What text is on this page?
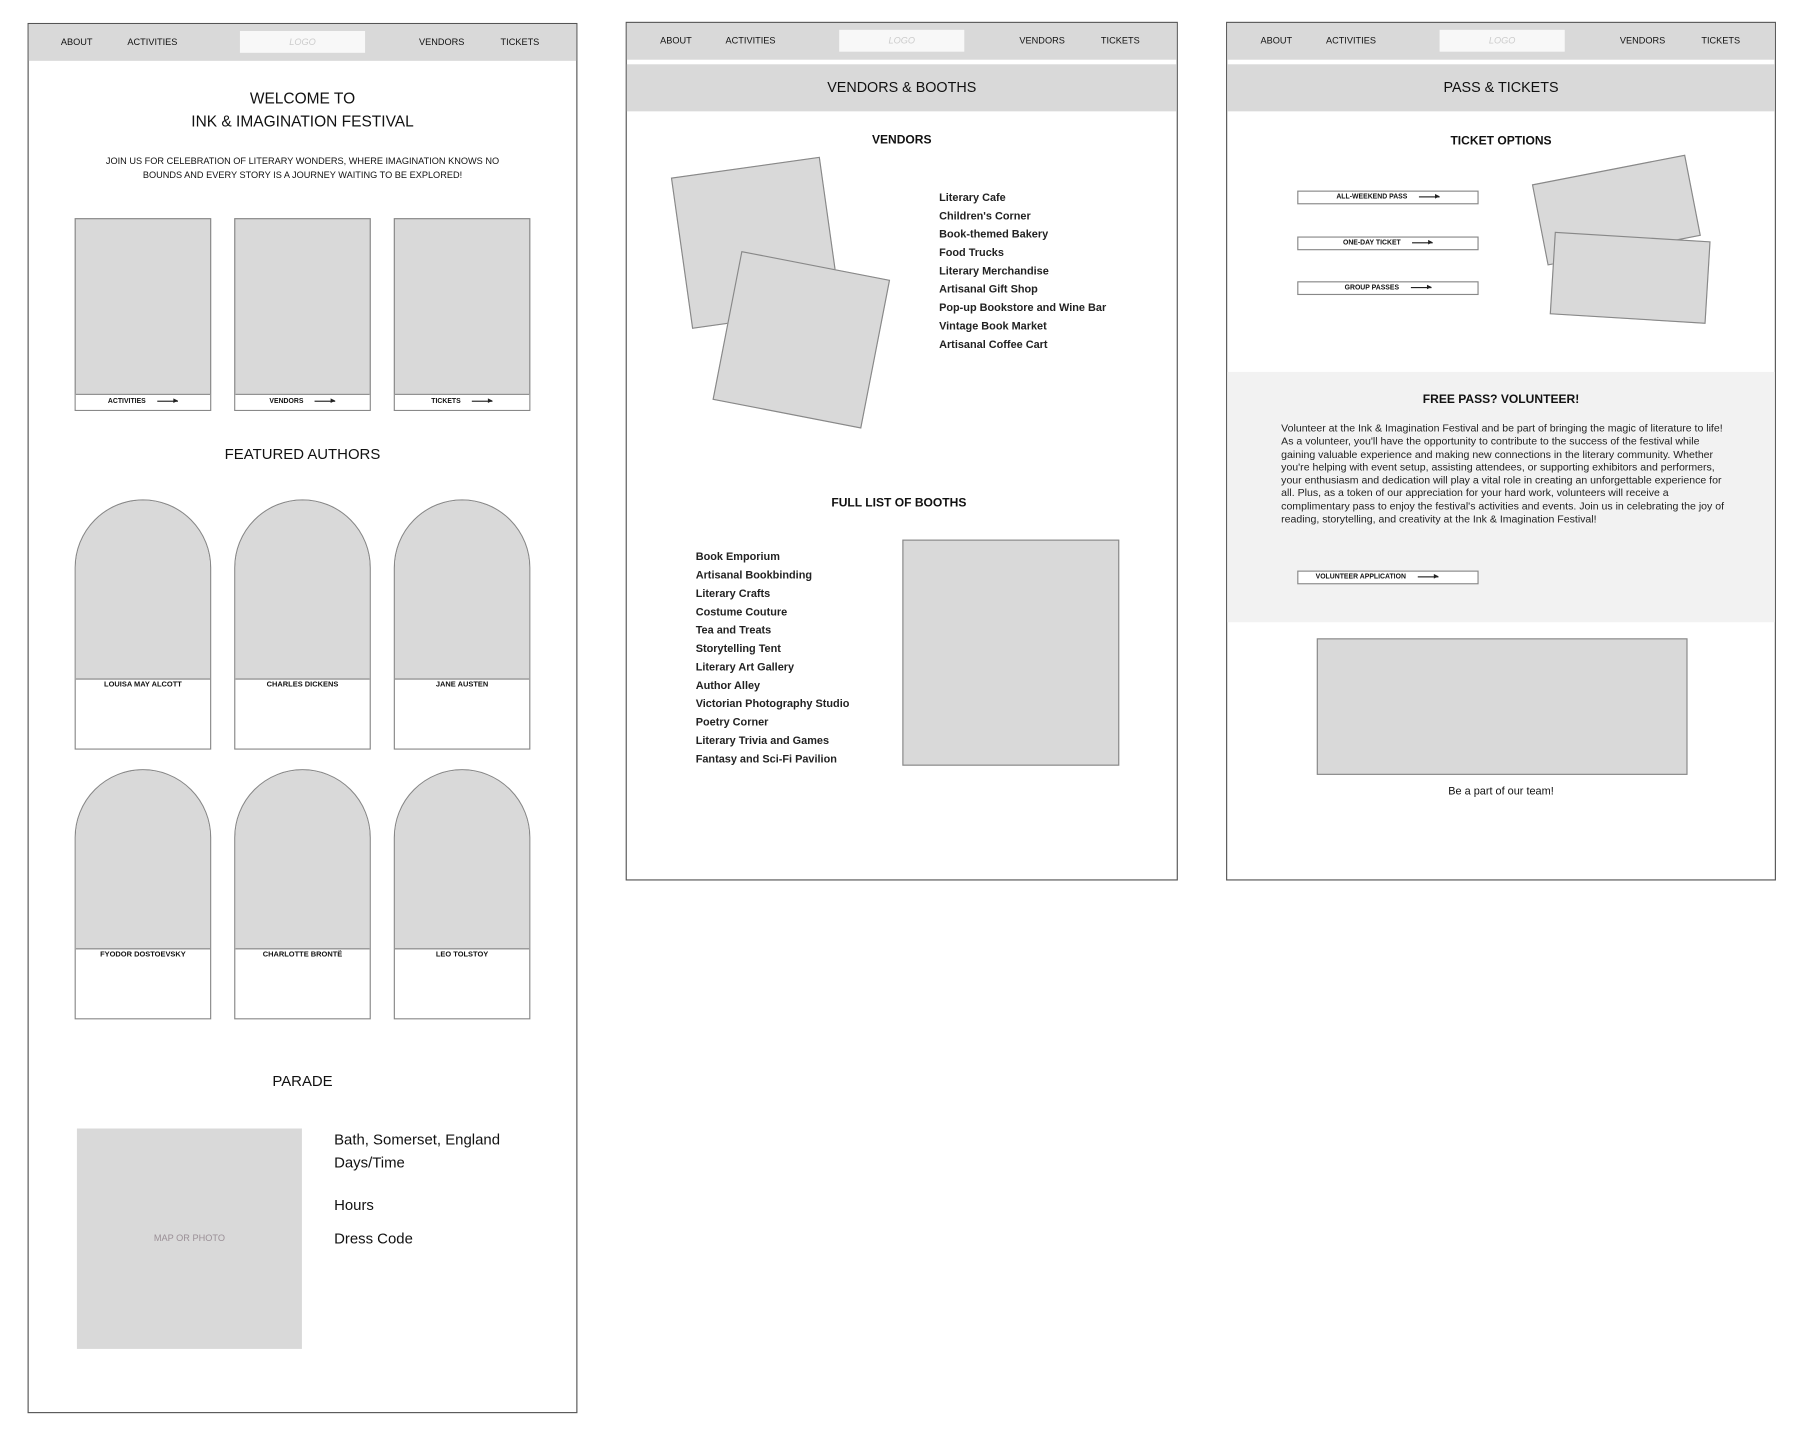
ABOUT	ACTIVITIES	LOGO	VENDORS	TICKETS
WELCOME TO
INK & IMAGINATION FESTIVAL
JOIN US FOR CELEBRATION OF LITERARY WONDERS, WHERE IMAGINATION KNOWS NO
BOUNDS AND EVERY STORY IS A JOURNEY WAITING TO BE EXPLORED!
ACTIVITIES	VENDORS	TICKETS
FEATURED AUTHORS
LOUISA MAY ALCOTT	CHARLES DICKENS	JANE AUSTEN
FYODOR DOSTOEVSKY	CHARLOTTE BRONTË	LEO TOLSTOY
PARADE
MAP OR PHOTO
Bath, Somerset, England
Days/Time
Hours
Dress Code
ABOUT	ACTIVITIES	LOGO	VENDORS	TICKETS
VENDORS & BOOTHS
VENDORS
Literary Cafe
Children's Corner
Book-themed Bakery
Food Trucks
Literary Merchandise
Artisanal Gift Shop
Pop-up Bookstore and Wine Bar
Vintage Book Market
Artisanal Coffee Cart
FULL LIST OF BOOTHS
Book Emporium
Artisanal Bookbinding
Literary Crafts
Costume Couture
Tea and Treats
Storytelling Tent
Literary Art Gallery
Author Alley
Victorian Photography Studio
Poetry Corner
Literary Trivia and Games
Fantasy and Sci-Fi Pavilion
ABOUT	ACTIVITIES	LOGO	VENDORS	TICKETS
PASS & TICKETS
TICKET OPTIONS
ALL-WEEKEND PASS
ONE-DAY TICKET
GROUP PASSES
FREE PASS? VOLUNTEER!
Volunteer at the Ink & Imagination Festival and be part of bringing the magic of literature to life! As a volunteer, you'll have the opportunity to contribute to the success of the festival while gaining valuable experience and making new connections in the literary community. Whether you're helping with event setup, assisting attendees, or supporting exhibitors and performers, your enthusiasm and dedication will play a vital role in creating an unforgettable experience for all. Plus, as a token of our appreciation for your hard work, volunteers will receive a complimentary pass to enjoy the festival's activities and events. Join us in celebrating the joy of reading, storytelling, and creativity at the Ink & Imagination Festival!
VOLUNTEER APPLICATION
Be a part of our team!
